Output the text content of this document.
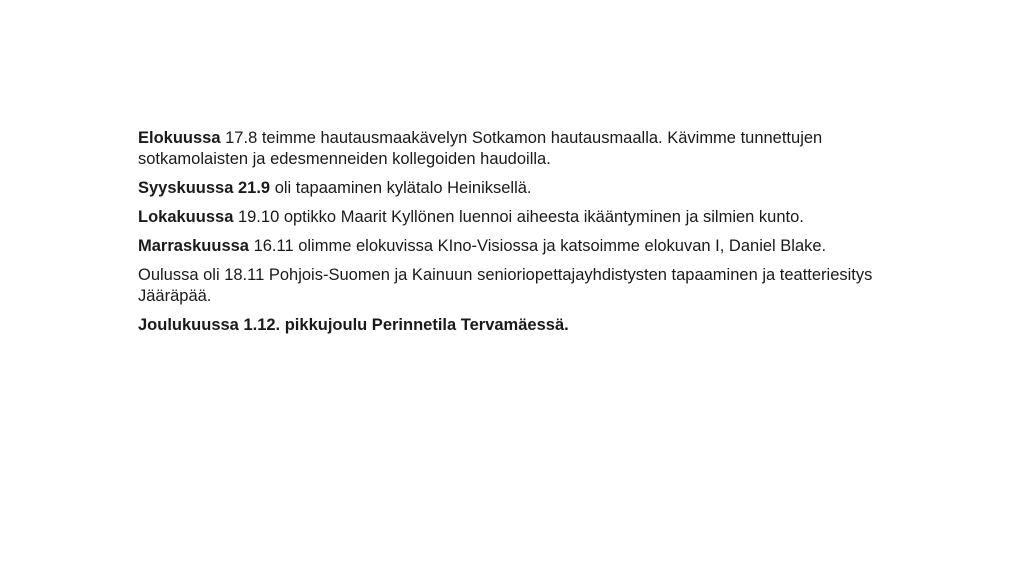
Elokuussa 17.8 teimme hautausmaakävelyn Sotkamon hautausmaalla. Kävimme tunnettujen sotkamolaisten ja edesmenneiden kollegoiden haudoilla.

Syyskuussa 21.9 oli tapaaminen kylätalo Heiniksellä.

Lokakuussa 19.10 optikko Maarit Kyllönen luennoi aiheesta ikääntyminen ja silmien kunto.

Marraskuussa 16.11 olimme elokuvissa KIno-Visiossa ja katsoimme elokuvan I, Daniel Blake.

Oulussa oli 18.11 Pohjois-Suomen ja Kainuun senioriopettajayhdistysten tapaaminen ja teatteriesitys Jääräpää.

Joulukuussa 1.12. pikkujoulu Perinnetila Tervamäessä.
